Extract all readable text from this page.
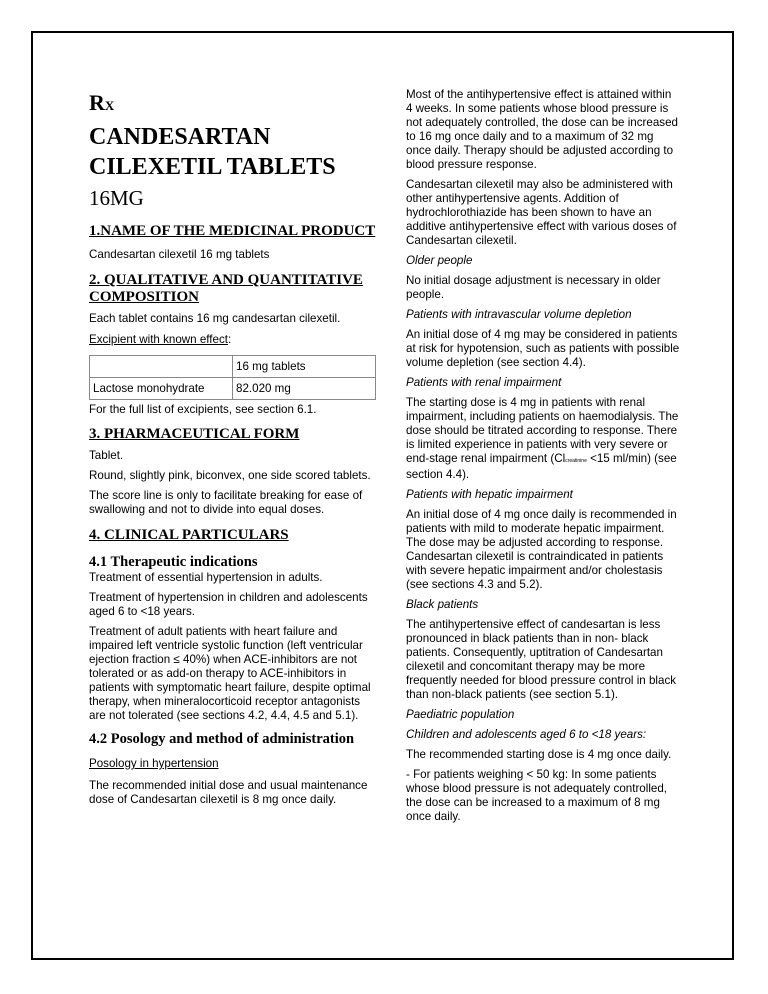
RX
CANDESARTAN
CILEXETIL TABLETS
16MG
1.NAME OF THE MEDICINAL PRODUCT

Candesartan cilexetil 16 mg tablets

2. QUALITATIVE AND QUANTITATIVE COMPOSITION

Each tablet contains 16 mg candesartan cilexetil.

Excipient with known effect:

	16 mg tablets
Lactose monohydrate	82.020 mg

For the full list of excipients, see section 6.1.

3. PHARMACEUTICAL FORM

Tablet.

Round, slightly pink, biconvex, one side scored tablets.

The score line is only to facilitate breaking for ease of swallowing and not to divide into equal doses.

4. CLINICAL PARTICULARS
4.1 Therapeutic indications

Treatment of essential hypertension in adults.

Treatment of hypertension in children and adolescents aged 6 to <18 years.

Treatment of adult patients with heart failure and impaired left ventricle systolic function (left ventricular ejection fraction ≤ 40%) when ACE-inhibitors are not tolerated or as add-on therapy to ACE-inhibitors in patients with symptomatic heart failure, despite optimal therapy, when mineralocorticoid receptor antagonists are not tolerated (see sections 4.2, 4.4, 4.5 and 5.1).

4.2 Posology and method of administration

Posology in hypertension

The recommended initial dose and usual maintenance dose of Candesartan cilexetil is 8 mg once daily.

Most of the antihypertensive effect is attained within 4 weeks. In some patients whose blood pressure is not adequately controlled, the dose can be increased to 16 mg once daily and to a maximum of 32 mg once daily. Therapy should be adjusted according to blood pressure response.

Candesartan cilexetil may also be administered with other antihypertensive agents. Addition of hydrochlorothiazide has been shown to have an additive antihypertensive effect with various doses of Candesartan cilexetil.

Older people

No initial dosage adjustment is necessary in older people.

Patients with intravascular volume depletion

An initial dose of 4 mg may be considered in patients at risk for hypotension, such as patients with possible volume depletion (see section 4.4).

Patients with renal impairment

The starting dose is 4 mg in patients with renal impairment, including patients on haemodialysis. The dose should be titrated according to response. There is limited experience in patients with very severe or end-stage renal impairment (Clcreatinine <15 ml/min) (see section 4.4).

Patients with hepatic impairment

An initial dose of 4 mg once daily is recommended in patients with mild to moderate hepatic impairment. The dose may be adjusted according to response. Candesartan cilexetil is contraindicated in patients with severe hepatic impairment and/or cholestasis (see sections 4.3 and 5.2).

Black patients

The antihypertensive effect of candesartan is less pronounced in black patients than in non- black patients. Consequently, uptitration of Candesartan cilexetil and concomitant therapy may be more frequently needed for blood pressure control in black than non-black patients (see section 5.1).

Paediatric population

Children and adolescents aged 6 to <18 years:

The recommended starting dose is 4 mg once daily.

- For patients weighing < 50 kg: In some patients whose blood pressure is not adequately controlled, the dose can be increased to a maximum of 8 mg once daily.
